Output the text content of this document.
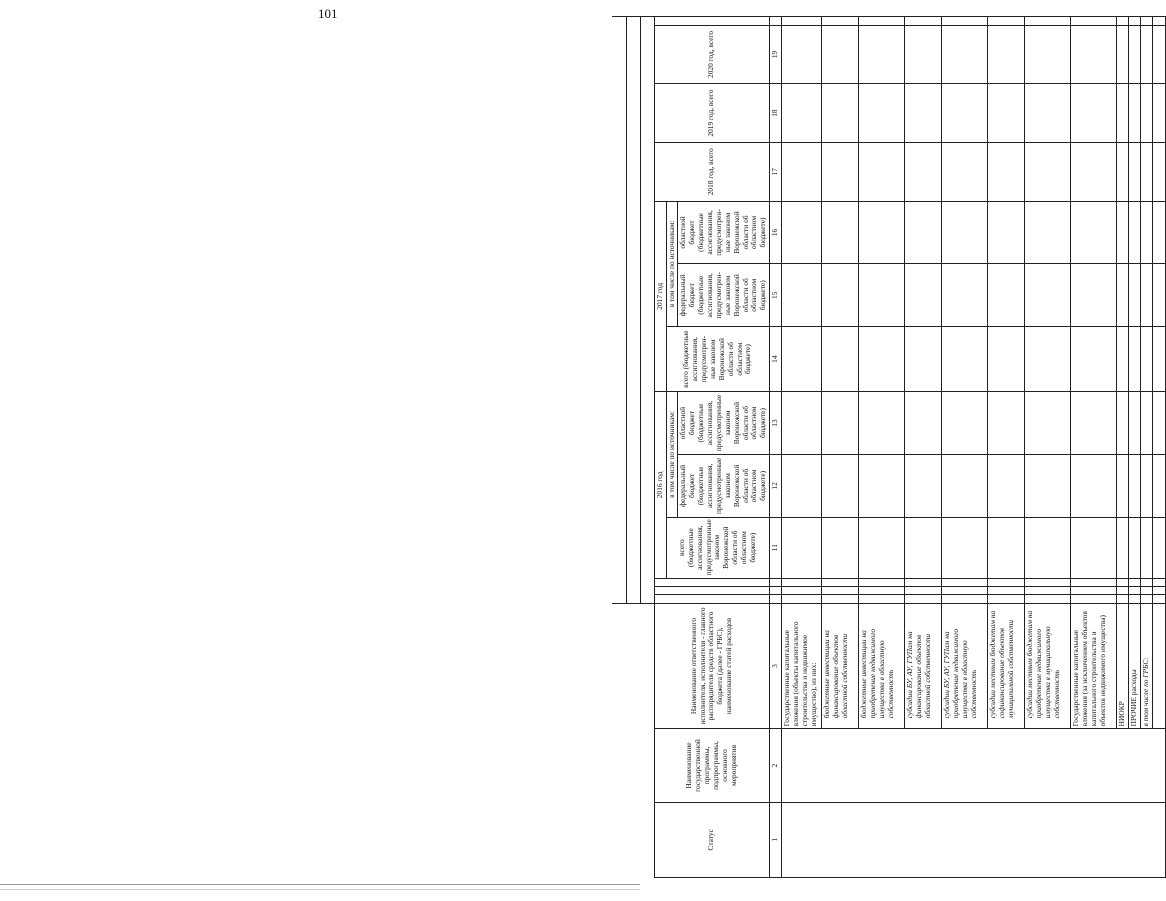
101

Статус	Наименование государственной программы, подпрограммы, основного мероприятия	Наименование ответственного исполнителя, исполнителя - главного распорядителя средств областного бюджета (далее - ГРБС), наименование статей расходов				2016 год			2017 год			2018 год, всего	2019 год, всего	2020 год, всего	
						всего (бюджетные ассигнования, предусмотренные законом Воронежской области об областном бюджете)	в том числе по источникам:		всего (бюджетные ассигнования, предусмотрен- ные законом Воронежской области об областном бюджете)	в том числе по источникам:					
							федеральный бюджет (бюджетные ассигнования, предусмотренные законом Воронежской области об областном бюджете)	областной бюджет (бюджетные ассигнования, предусмотренные законом Воронежской области об областном бюджете)		федеральный бюджет (бюджетные ассигнования, предусмотрен- ные законом Воронежской области об областном бюджете)	областной бюджет (бюджетные ассигнования, предусмотрен- ные законом Воронежской области об областном бюджете)				
1	2	3				11	12	13	14	15	16	17	18	19	
		Государственные капитальные вложения (объекты капитального строительства и недвижимое имущество), из них:													
		бюджетные инвестиции на финансирование объектов областной собственности													
		бюджетные инвестиции на приобретение недвижимого имущества в областную собственность													
		субсидии БУ, АУ, ГУПам на финансирование объектов областной собственности													
		субсидии БУ, АУ, ГУПам на приобретение недвижимого имущества в областную собственность													
		субсидии местным бюджетам на софинансирование объектов муниципальной собственности													
		субсидии местным бюджетам на приобретение недвижимого имущества в муниципальную собственность													
		Государственные капитальные вложения (за исключением объектов капитального строительства и объектов недвижимого имущества)													
		НИОКР													
		ПРОЧИЕ расходы													
		в том числе по ГРБС:													
